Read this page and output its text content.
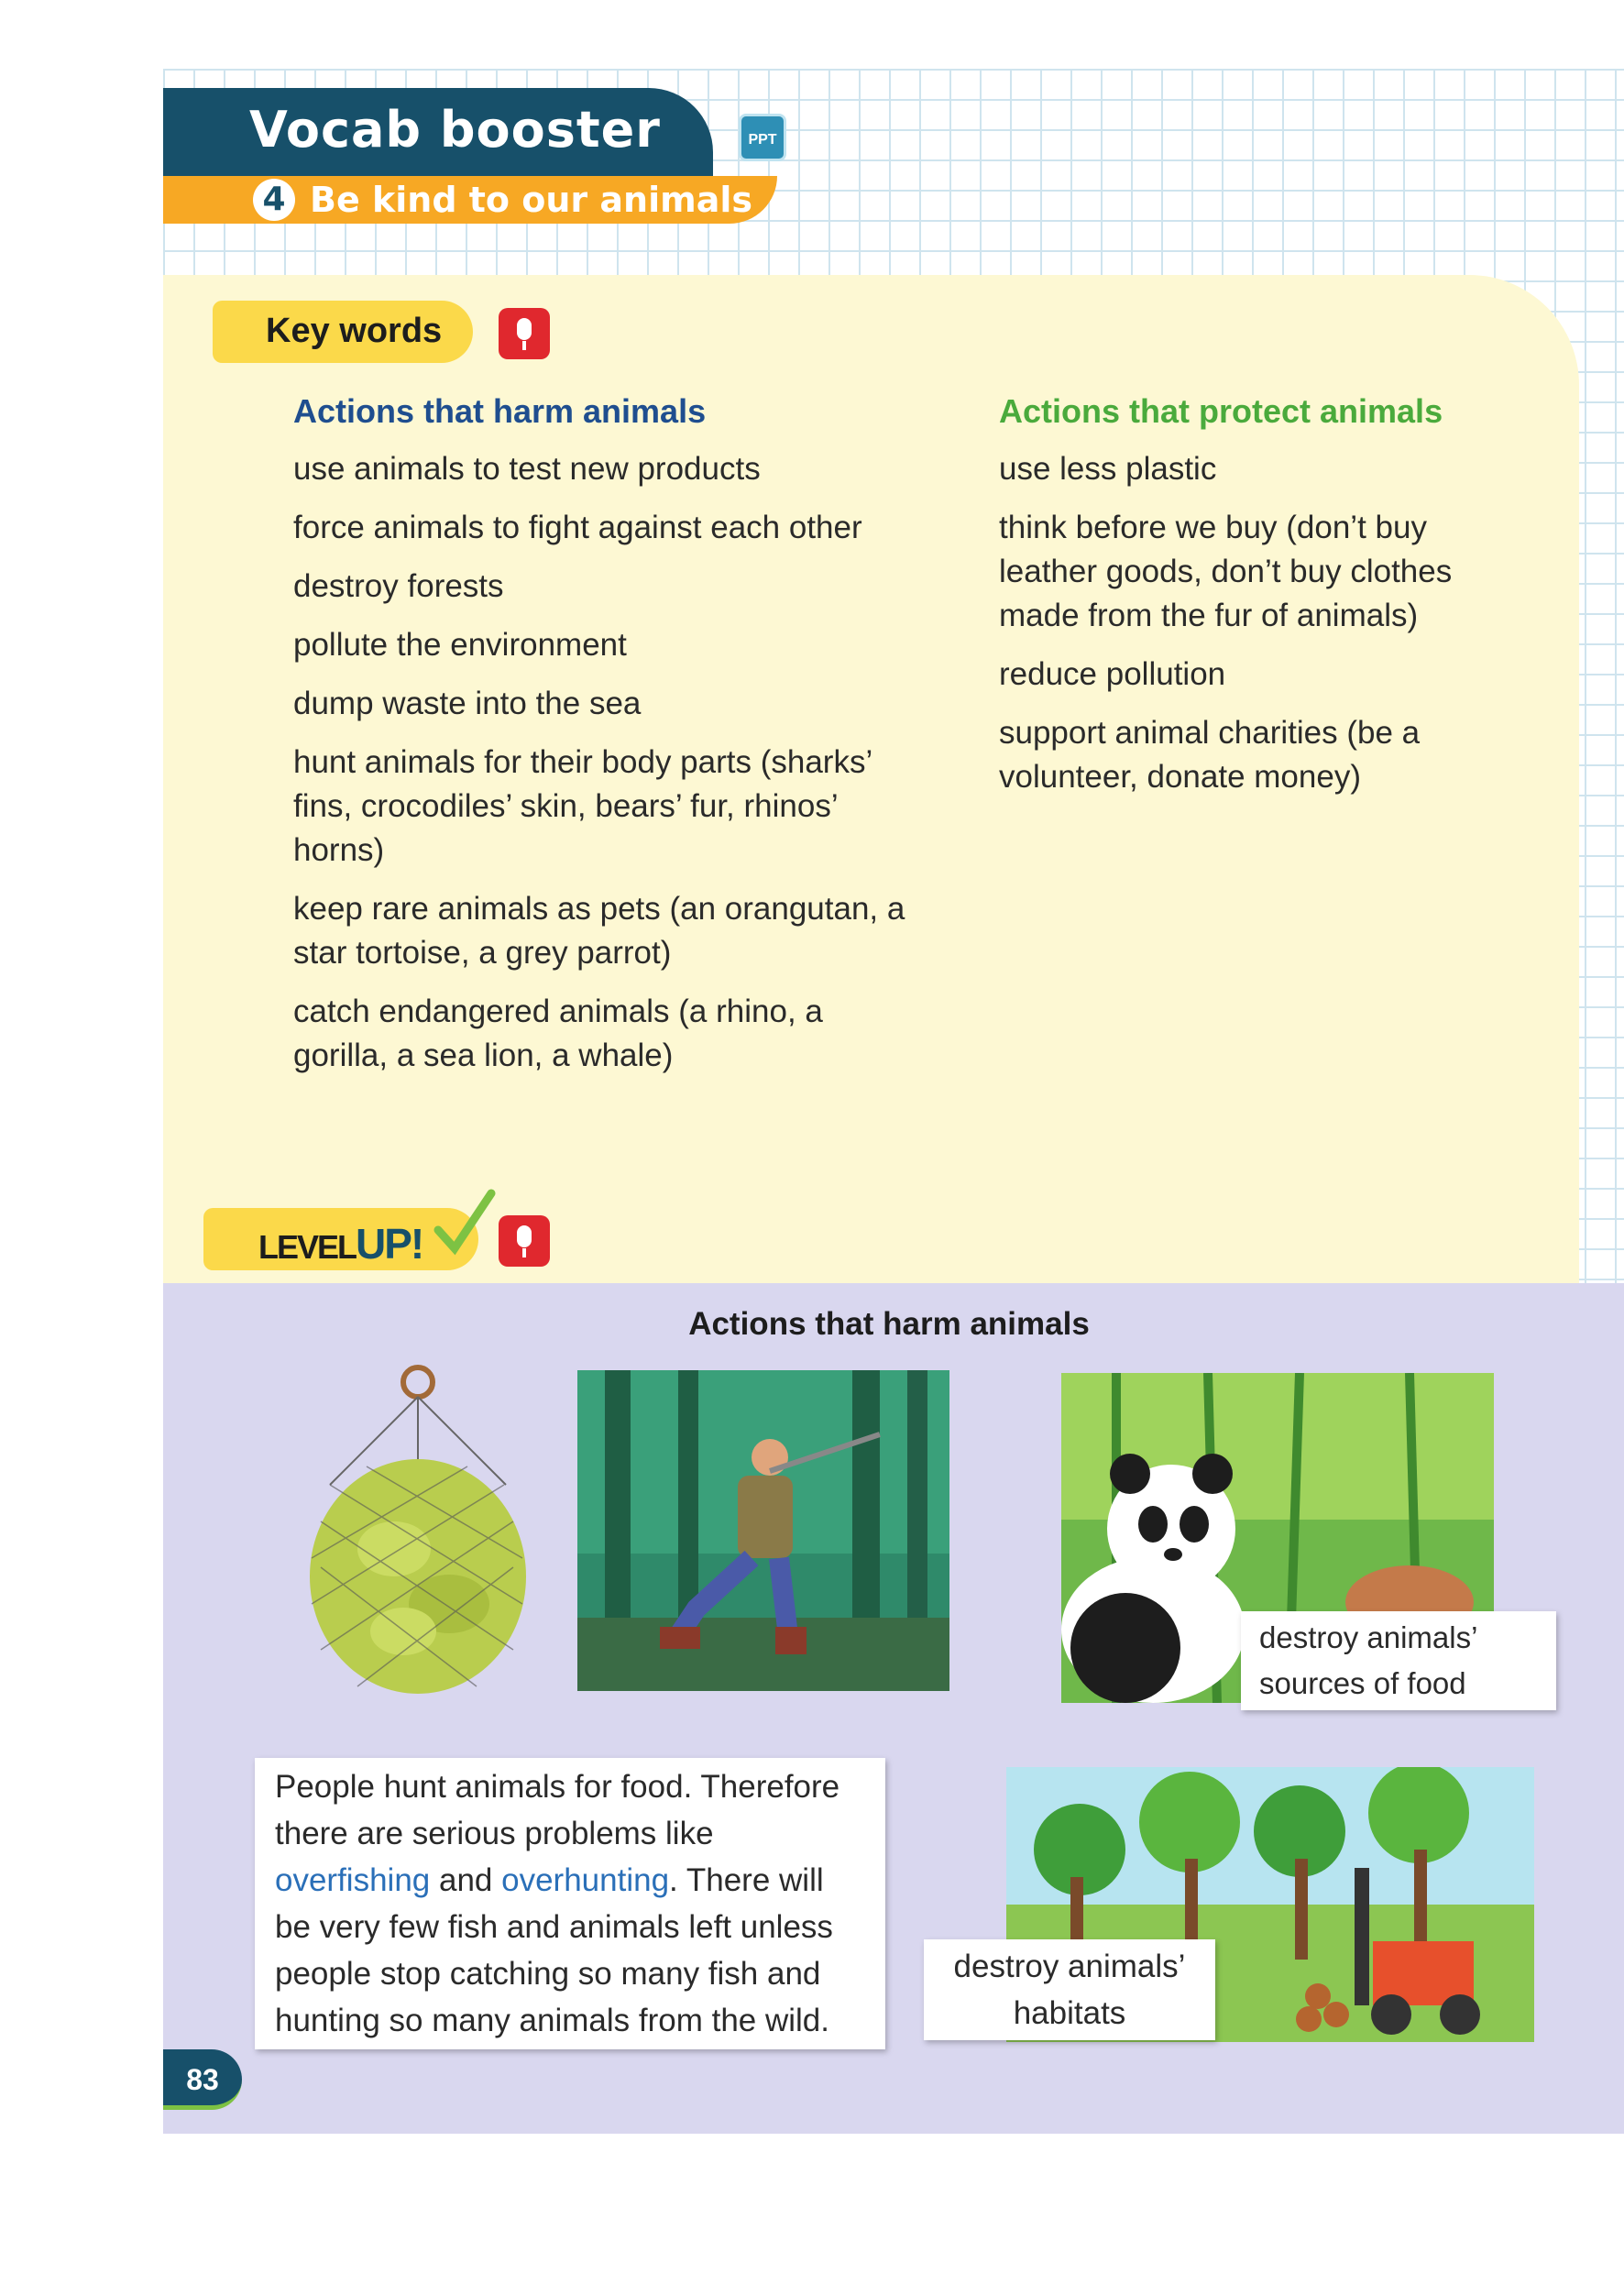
Vocab booster
4 Be kind to our animals
PPT
Key words
Actions that harm animals	Actions that protect animals
use animals to test new products
force animals to fight against each other
destroy forests
pollute the environment
dump waste into the sea
hunt animals for their body parts (sharks’ fins, crocodiles’ skin, bears’ fur, rhinos’ horns)
keep rare animals as pets (an orangutan, a star tortoise, a grey parrot)
catch endangered animals (a rhino, a gorilla, a sea lion, a whale)
use less plastic
think before we buy (don’t buy leather goods, don’t buy clothes made from the fur of animals)
reduce pollution
support animal charities (be a volunteer, donate money)
LEVELUP!
Actions that harm animals
destroy animals’ sources of food
People hunt animals for food. Therefore there are serious problems like overfishing and overhunting. There will be very few fish and animals left unless people stop catching so many fish and hunting so many animals from the wild.
destroy animals’ habitats
83
